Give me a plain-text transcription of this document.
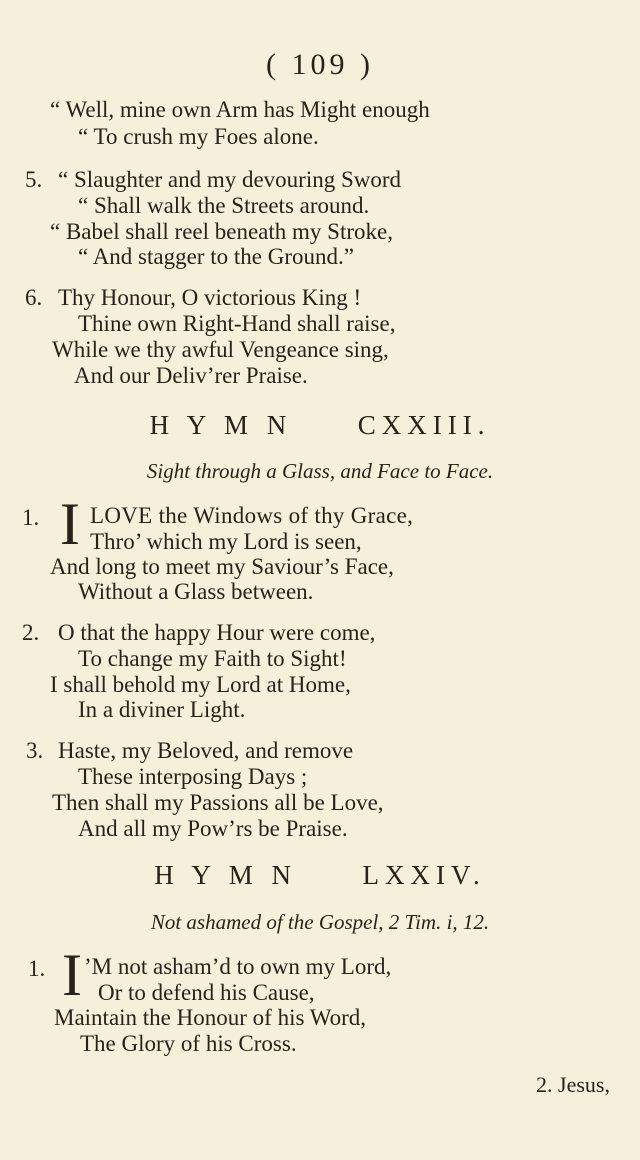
( 109 )
“ Well, mine own Arm has Might enough
“ To crush my Foes alone.
5. “ Slaughter and my devouring Sword
“ Shall walk the Streets around.
“ Babel shall reel beneath my Stroke,
“ And stagger to the Ground.”
6. Thy Honour, O victorious King !
Thine own Right-Hand shall raise,
While we thy awful Vengeance sing,
And our Deliv’rer Praise.
H Y M N CXXIII.
Sight through a Glass, and Face to Face.
1. I LOVE the Windows of thy Grace,
Thro’ which my Lord is seen,
And long to meet my Saviour’s Face,
Without a Glass between.
2. O that the happy Hour were come,
To change my Faith to Sight!
I shall behold my Lord at Home,
In a diviner Light.
3. Haste, my Beloved, and remove
These interposing Days ;
Then shall my Passions all be Love,
And all my Pow’rs be Praise.
H Y M N LXXIV.
Not ashamed of the Gospel, 2 Tim. i, 12.
1. I ’M not asham’d to own my Lord,
Or to defend his Cause,
Maintain the Honour of his Word,
The Glory of his Cross.
2. Jesus,
